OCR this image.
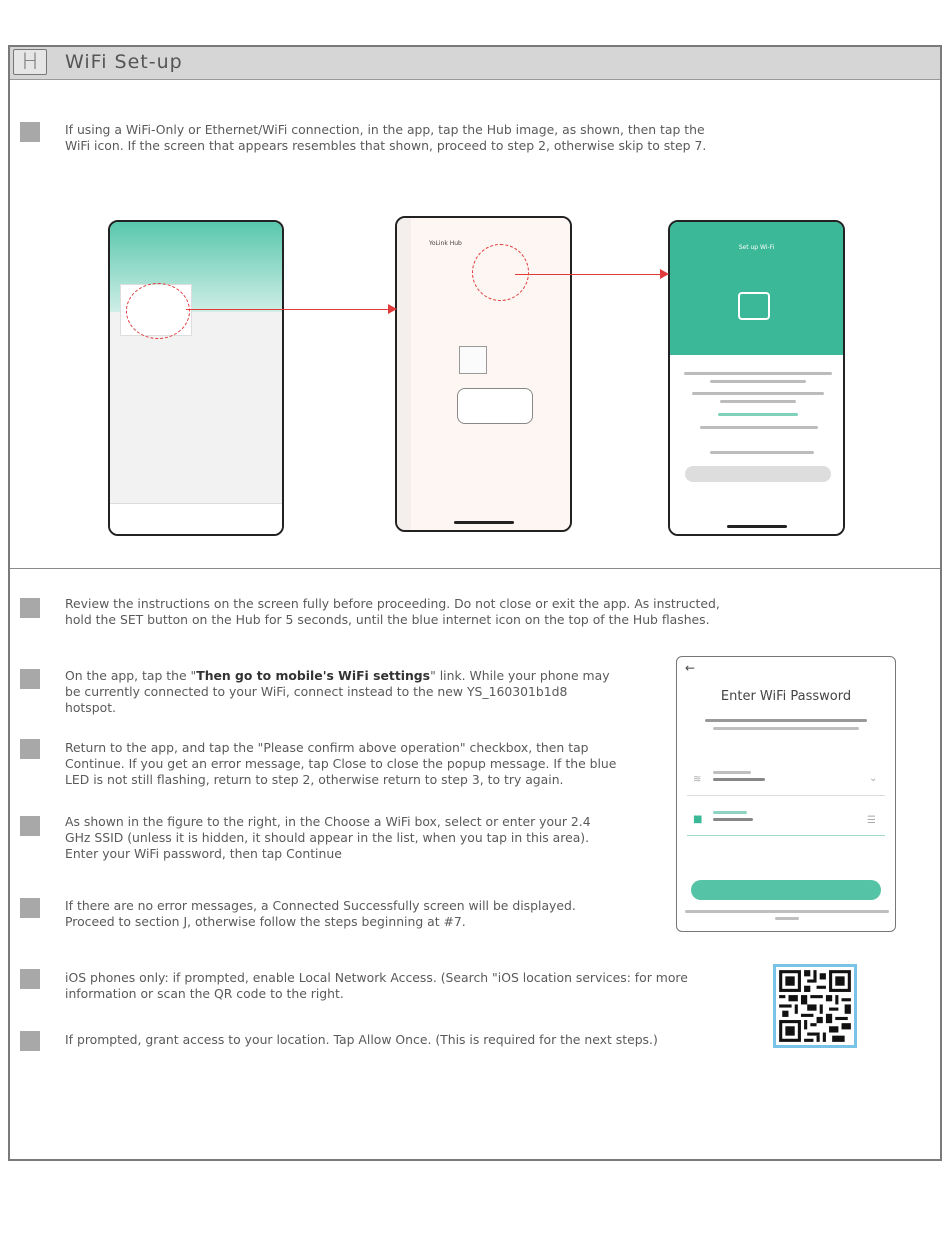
H	WiFi Set-up
If using a WiFi-Only or Ethernet/WiFi connection, in the app, tap the Hub image, as shown, then tap the WiFi icon. If the screen that appears resembles that shown, proceed to step 2, otherwise skip to step 7.
YoLink Hub
Set up Wi-Fi
Review the instructions on the screen fully before proceeding. Do not close or exit the app. As instructed, hold the SET button on the Hub for 5 seconds, until the blue internet icon on the top of the Hub flashes.
On the app, tap the "Then go to mobile's WiFi settings" link. While your phone may be currently connected to your WiFi, connect instead to the new YS_160301b1d8 hotspot.
Return to the app, and tap the "Please confirm above operation" checkbox, then tap Continue. If you get an error message, tap Close to close the popup message. If the blue LED is not still flashing, return to step 2, otherwise return to step 3, to try again.
As shown in the figure to the right, in the Choose a WiFi box, select or enter your 2.4 GHz SSID (unless it is hidden, it should appear in the list, when you tap in this area). Enter your WiFi password, then tap Continue
If there are no error messages, a Connected Successfully screen will be displayed. Proceed to section J, otherwise follow the steps beginning at #7.
iOS phones only: if prompted, enable Local Network Access. (Search "iOS location services: for more information or scan the QR code to the right.
If prompted, grant access to your location. Tap Allow Once. (This is required for the next steps.)
←
Enter WiFi Password
≋	⌄
■	☰
